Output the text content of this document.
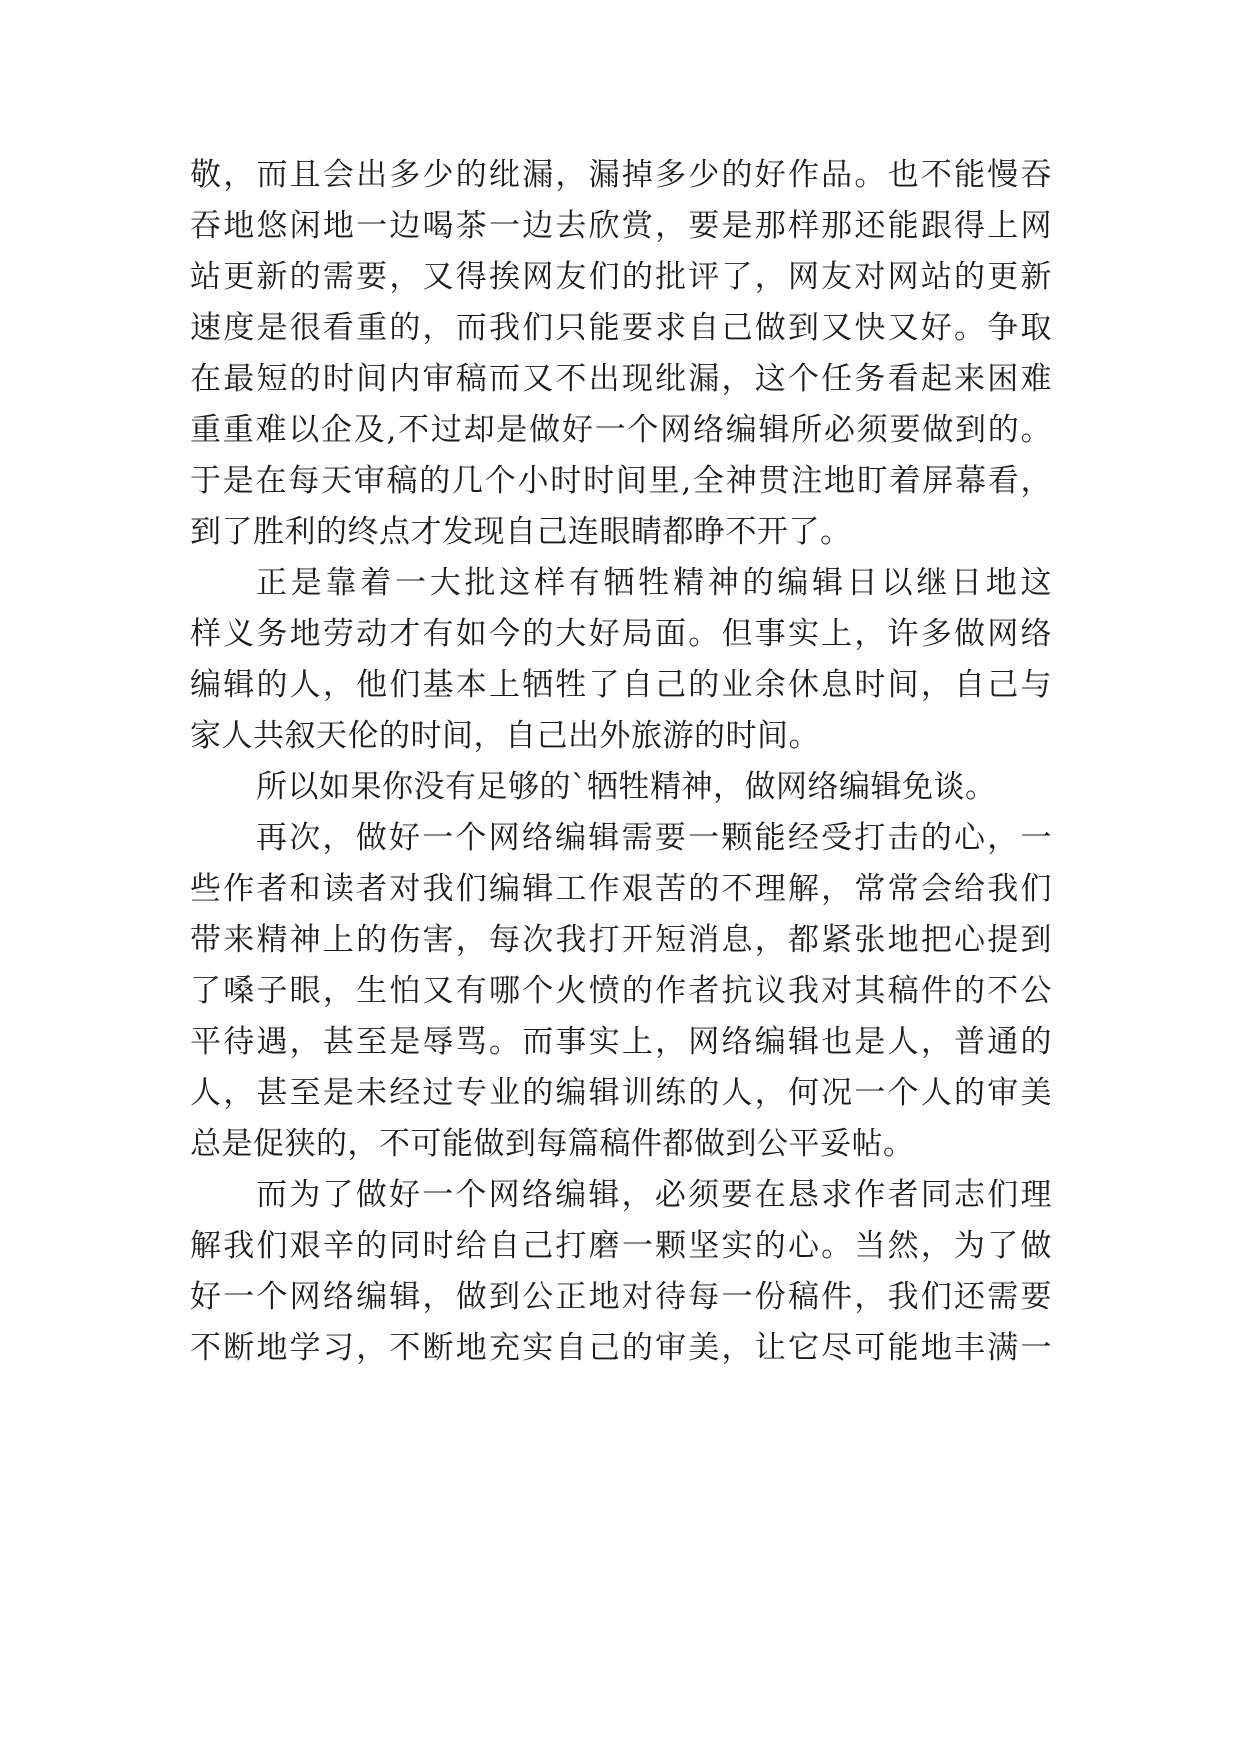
敬，而且会出多少的纰漏，漏掉多少的好作品。也不能慢吞
吞地悠闲地一边喝茶一边去欣赏，要是那样那还能跟得上网
站更新的需要，又得挨网友们的批评了，网友对网站的更新
速度是很看重的，而我们只能要求自己做到又快又好。争取
在最短的时间内审稿而又不出现纰漏，这个任务看起来困难
重重难以企及,不过却是做好一个网络编辑所必须要做到的。
于是在每天审稿的几个小时时间里,全神贯注地盯着屏幕看，
到了胜利的终点才发现自己连眼睛都睁不开了。
正是靠着一大批这样有牺牲精神的编辑日以继日地这
样义务地劳动才有如今的大好局面。但事实上，许多做网络
编辑的人，他们基本上牺牲了自己的业余休息时间，自己与
家人共叙天伦的时间，自己出外旅游的时间。
所以如果你没有足够的`牺牲精神，做网络编辑免谈。
再次，做好一个网络编辑需要一颗能经受打击的心，一
些作者和读者对我们编辑工作艰苦的不理解，常常会给我们
带来精神上的伤害，每次我打开短消息，都紧张地把心提到
了嗓子眼，生怕又有哪个火愤的作者抗议我对其稿件的不公
平待遇，甚至是辱骂。而事实上，网络编辑也是人，普通的
人，甚至是未经过专业的编辑训练的人，何况一个人的审美
总是促狭的，不可能做到每篇稿件都做到公平妥帖。
而为了做好一个网络编辑，必须要在恳求作者同志们理
解我们艰辛的同时给自己打磨一颗坚实的心。当然，为了做
好一个网络编辑，做到公正地对待每一份稿件，我们还需要
不断地学习，不断地充实自己的审美，让它尽可能地丰满一
